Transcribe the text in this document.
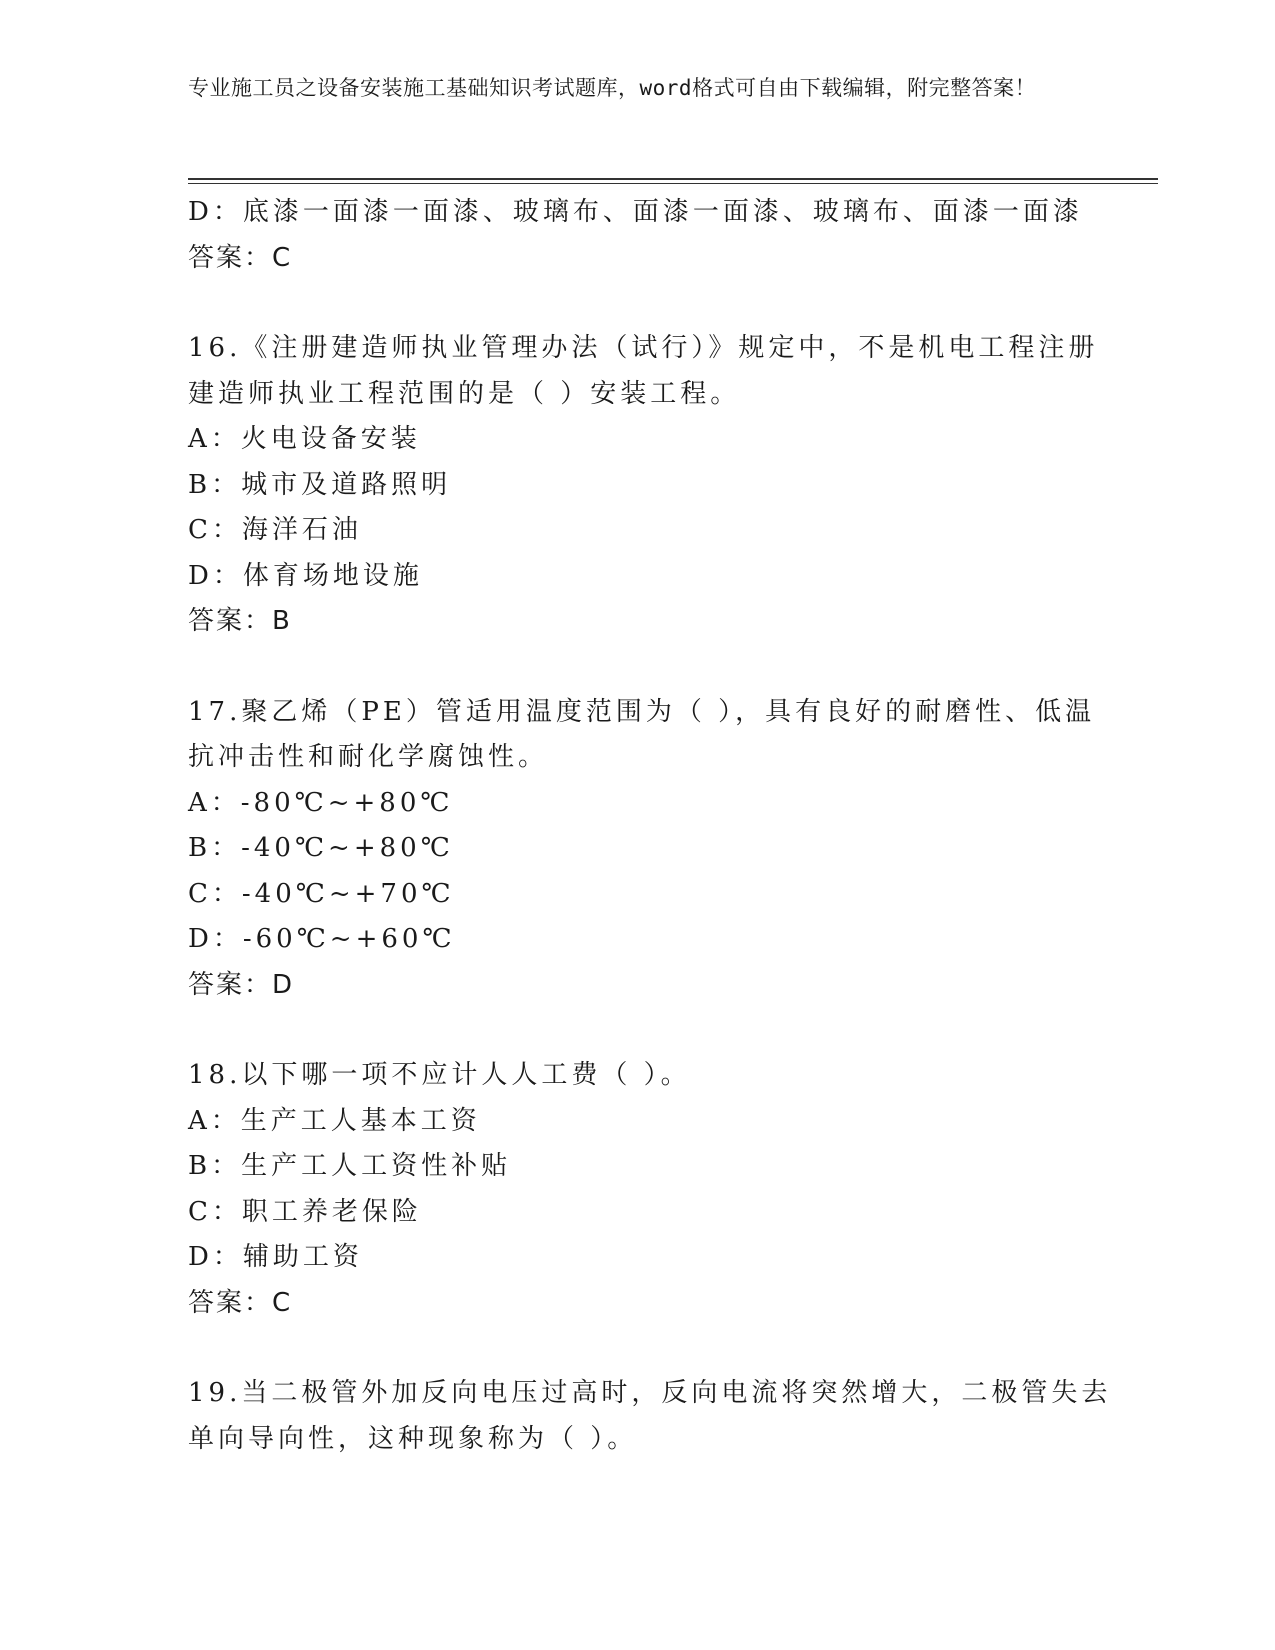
专业施工员之设备安装施工基础知识考试题库，word格式可自由下载编辑，附完整答案！
D：底漆一面漆一面漆、玻璃布、面漆一面漆、玻璃布、面漆一面漆
答案：C
16.《注册建造师执业管理办法（试行）》规定中，不是机电工程注册
建造师执业工程范围的是（ ）安装工程。
A：火电设备安装
B：城市及道路照明
C：海洋石油
D：体育场地设施
答案：B
17.聚乙烯（PE）管适用温度范围为（ ），具有良好的耐磨性、低温
抗冲击性和耐化学腐蚀性。
A：-80℃~+80℃
B：-40℃~+80℃
C：-40℃~+70℃
D：-60℃~+60℃
答案：D
18.以下哪一项不应计人人工费（ ）。
A：生产工人基本工资
B：生产工人工资性补贴
C：职工养老保险
D：辅助工资
答案：C
19.当二极管外加反向电压过高时，反向电流将突然增大，二极管失去
单向导向性，这种现象称为（ ）。
